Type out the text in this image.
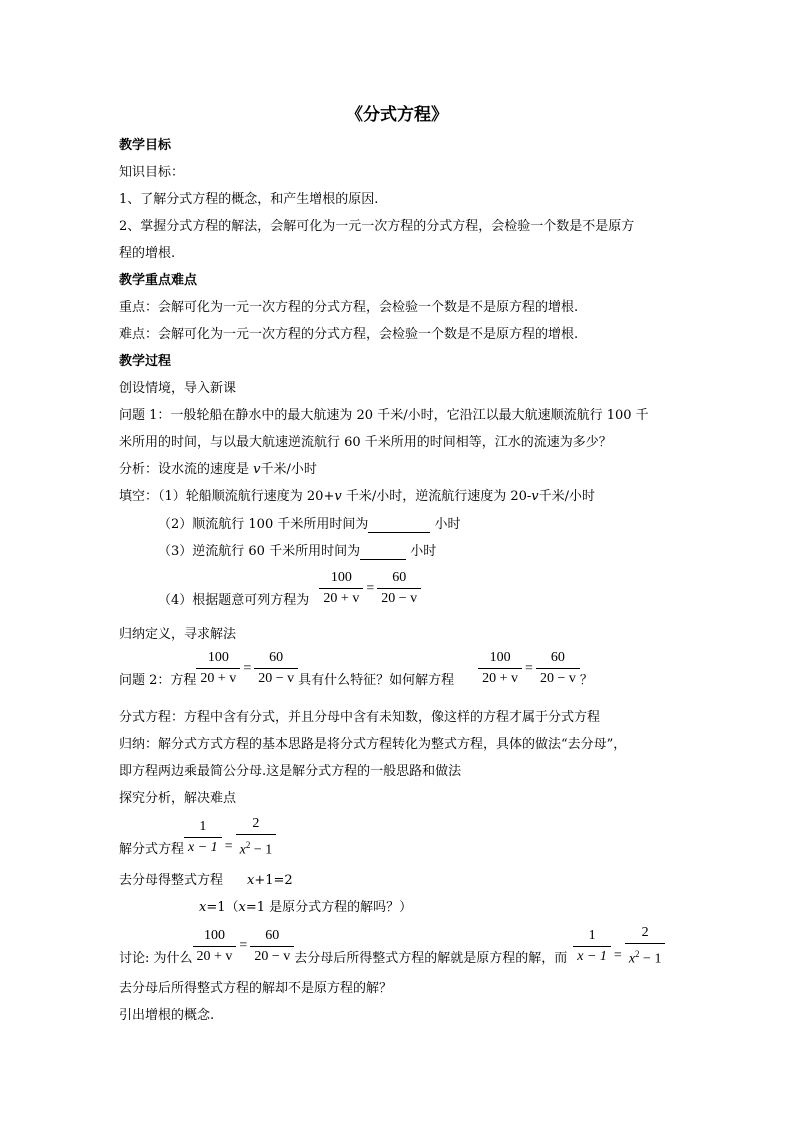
《分式方程》
教学目标
知识目标：
1、了解分式方程的概念，和产生增根的原因.
2、掌握分式方程的解法，会解可化为一元一次方程的分式方程，会检验一个数是不是原方
程的增根.
教学重点难点
重点：会解可化为一元一次方程的分式方程，会检验一个数是不是原方程的增根.
难点：会解可化为一元一次方程的分式方程，会检验一个数是不是原方程的增根.
教学过程
创设情境，导入新课
问题 1：一般轮船在静水中的最大航速为 20 千米/小时，它沿江以最大航速顺流航行 100 千
米所用的时间，与以最大航速逆流航行 60 千米所用的时间相等，江水的流速为多少？
分析：设水流的速度是 v千米/小时
填空：（1）轮船顺流航行速度为 20+v 千米/小时，逆流航行速度为 20-v千米/小时
（2）顺流航行 100 千米所用时间为	小时
（3）逆流航行 60 千米所用时间为	小时
（4）根据题意可列方程为 $\frac{100}{20 + v} = \frac{60}{20 - v}$
归纳定义，寻求解法
问题 2：方程 $\frac{100}{20 + v} = \frac{60}{20 - v}$ 具有什么特征？如何解方程 $\frac{100}{20 + v} = \frac{60}{20 - v}$ ？
分式方程：方程中含有分式，并且分母中含有未知数，像这样的方程才属于分式方程
归纳：解分式方式方程的基本思路是将分式方程转化为整式方程，具体的做法“去分母”，
即方程两边乘最简公分母.这是解分式方程的一般思路和做法
探究分析，解决难点
解分式方程 $\frac{1}{x - 1} = \frac{2}{x^2 - 1}$
去分母得整式方程 x+1=2
x=1（x=1 是原分式方程的解吗？）
讨论: 为什么 $\frac{100}{20 + v} = \frac{60}{20 - v}$ 去分母后所得整式方程的解就是原方程的解，而 $\frac{1}{x - 1} = \frac{2}{x^2 - 1}$
去分母后所得整式方程的解却不是原方程的解？
引出增根的概念.
